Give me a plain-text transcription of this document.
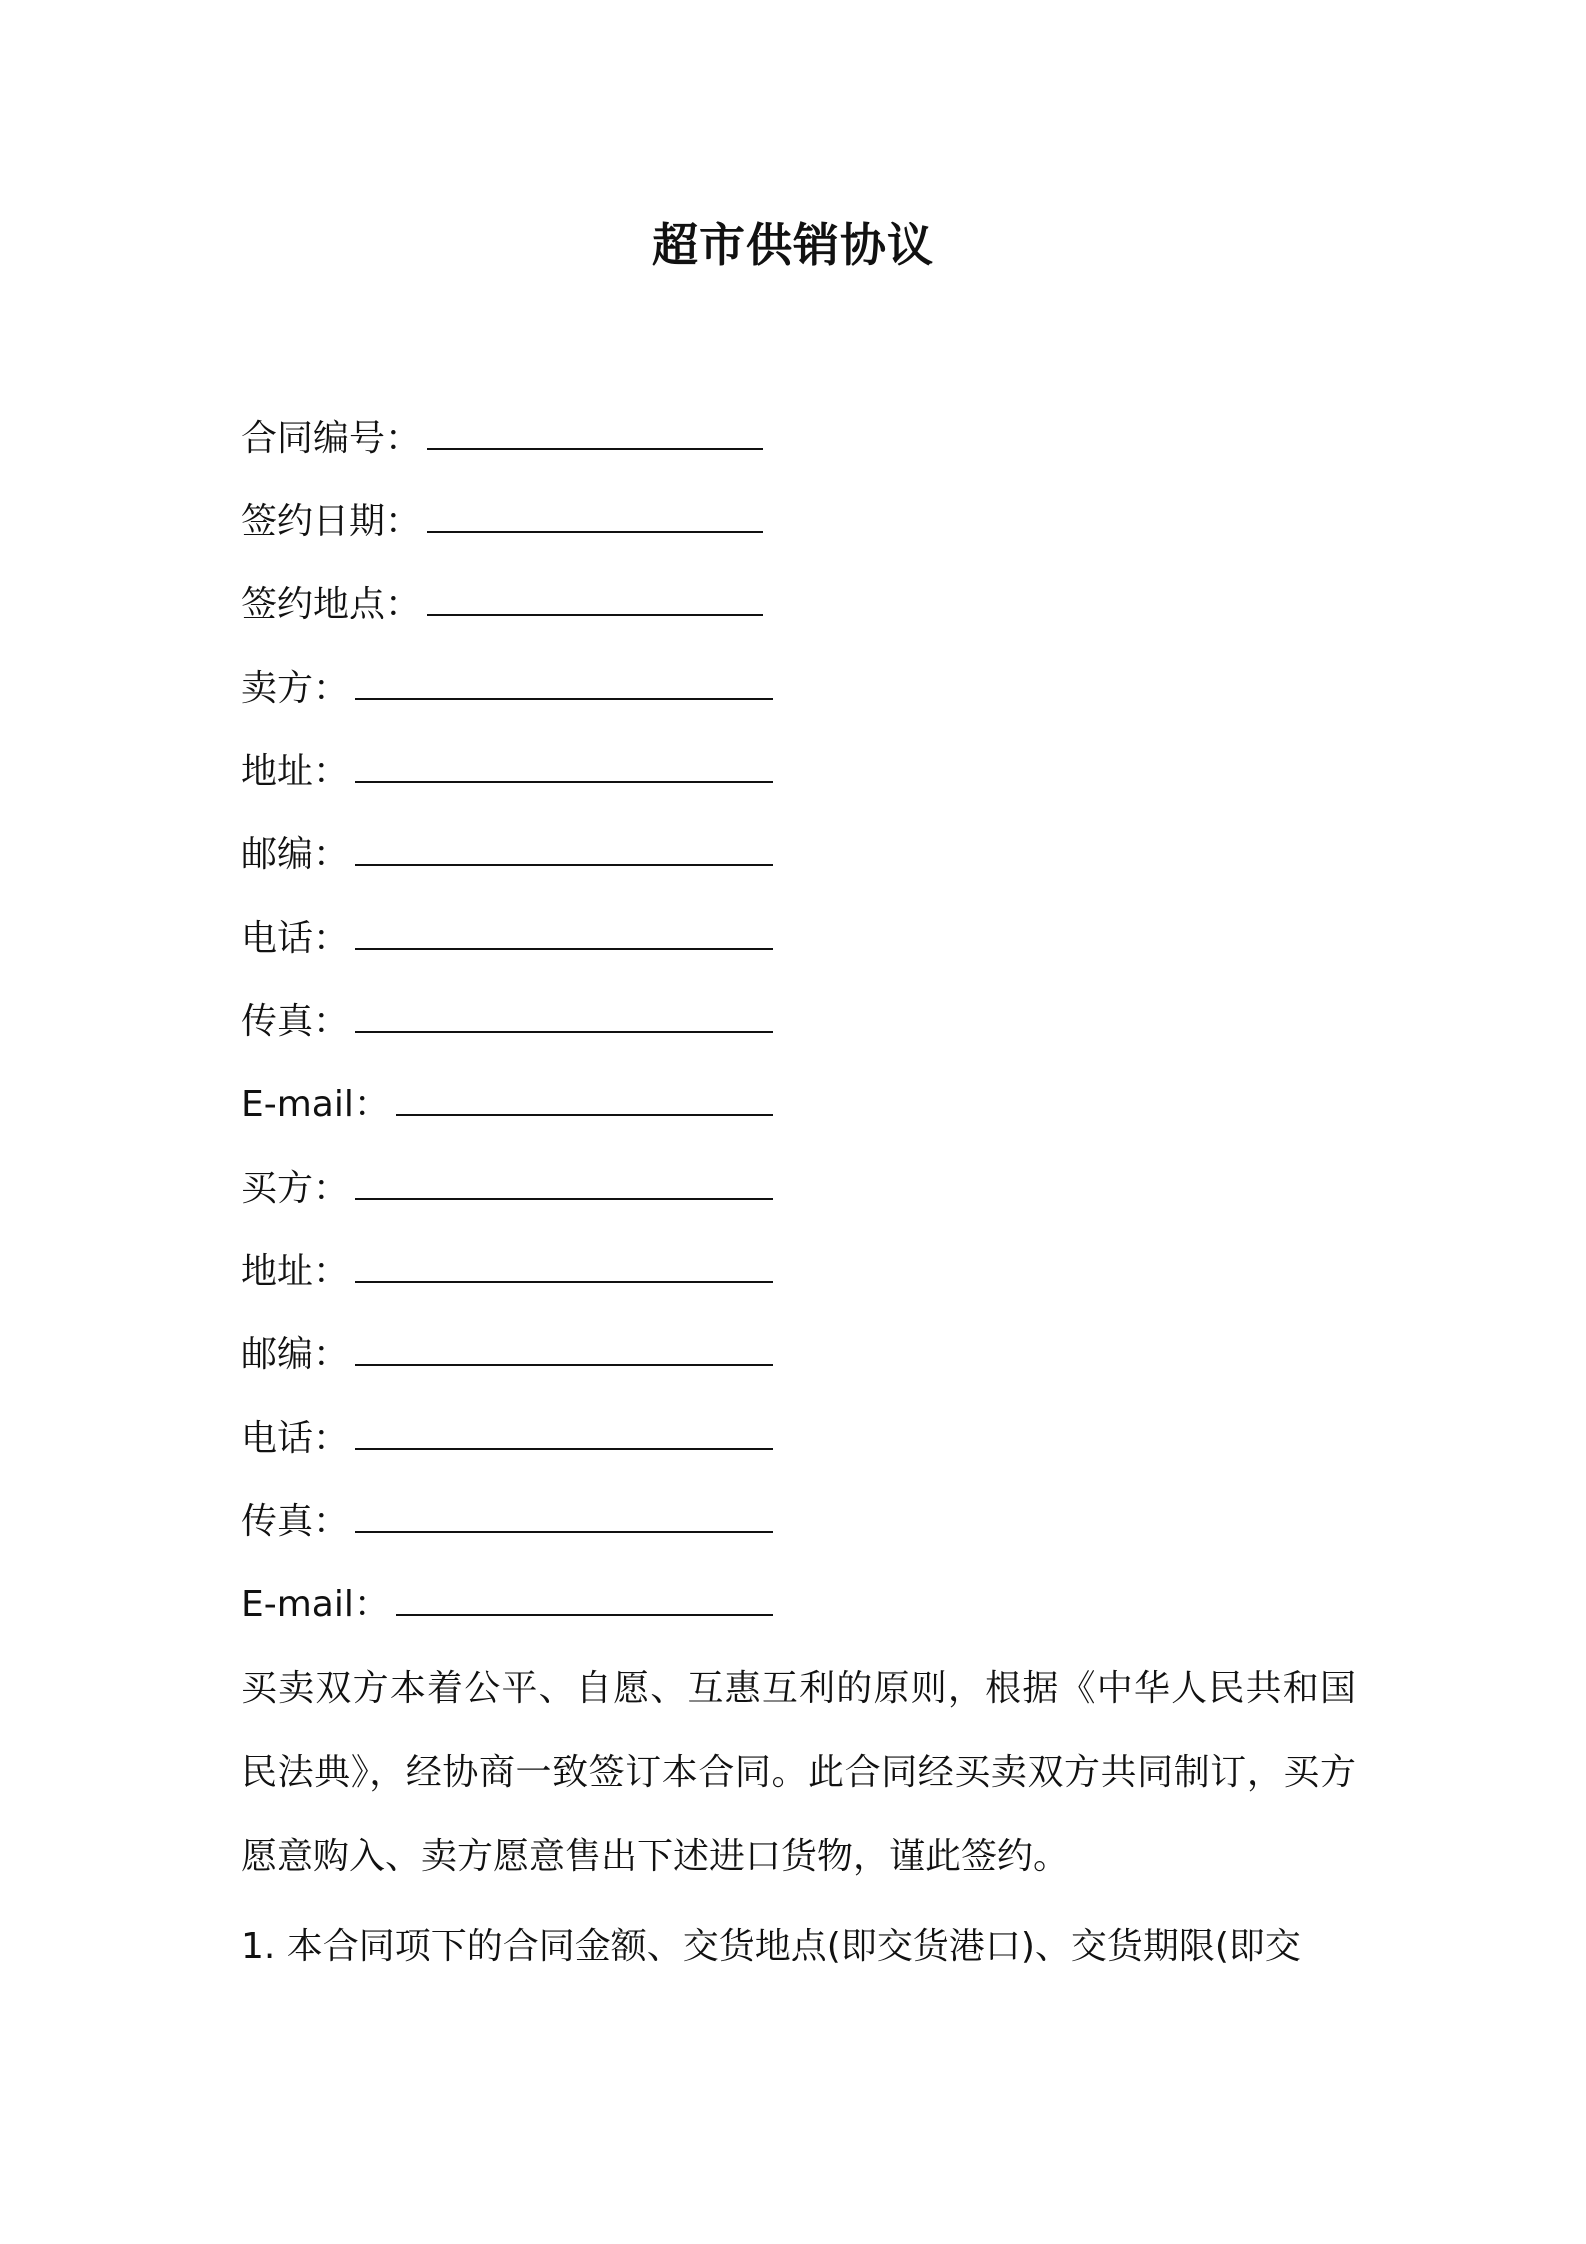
超市供销协议
合同编号：
签约日期：
签约地点：
卖方：
地址：
邮编：
电话：
传真：
E-mail：
买方：
地址：
邮编：
电话：
传真：
E-mail：
买卖双方本着公平、自愿、互惠互利的原则，根据《中华人民共和国民法典》，经协商一致签订本合同。此合同经买卖双方共同制订，买方愿意购入、卖方愿意售出下述进口货物，谨此签约。
1. 本合同项下的合同金额、交货地点(即交货港口)、交货期限(即交
